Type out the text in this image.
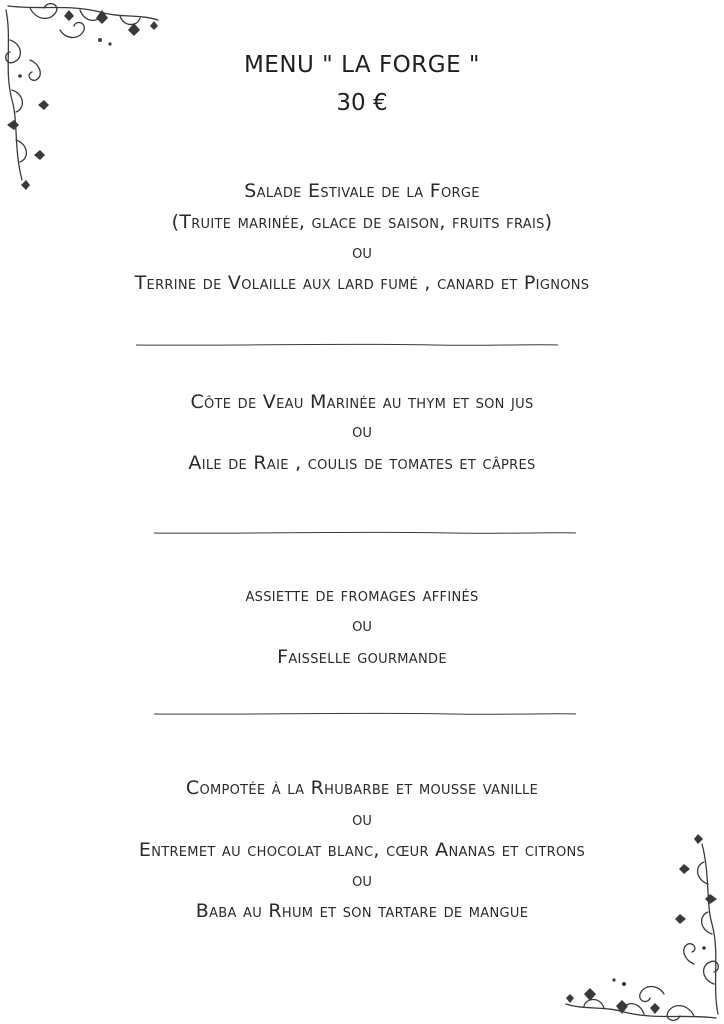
MENU " LA FORGE "
30 €
Salade Estivale de la Forge
(Truite marinée, glace de saison, fruits frais)
ou
Terrine de Volaille aux lard fumé , canard et Pignons
Côte de Veau Marinée au thym et son jus
ou
Aile de Raie , coulis de tomates et câpres
assiette de fromages affinés
ou
Faisselle gourmande
Compotée à la Rhubarbe et mousse vanille
ou
Entremet au chocolat blanc, cœur Ananas et citrons
ou
Baba au Rhum et son tartare de mangue
